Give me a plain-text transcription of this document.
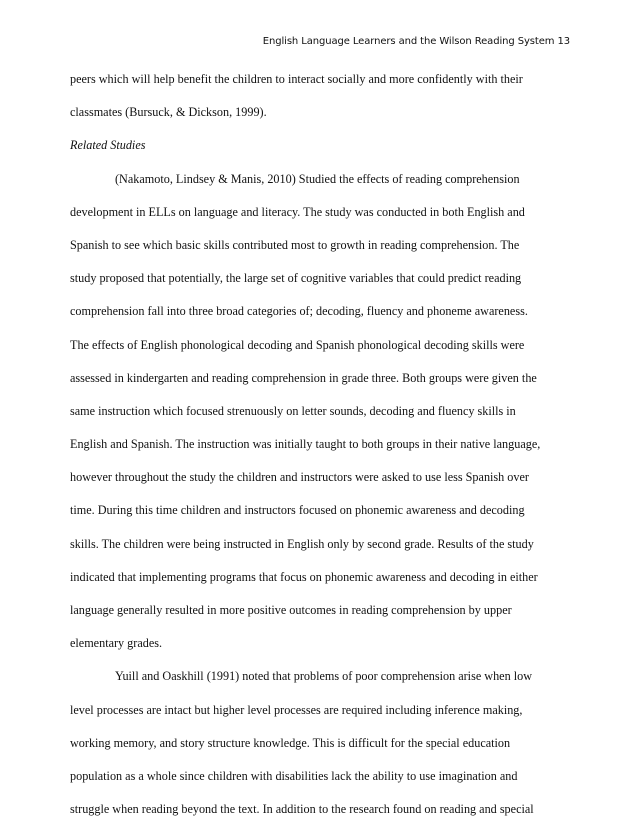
English Language Learners and the Wilson Reading System 13

peers which will help benefit the children to interact socially and more confidently with their

classmates (Bursuck, & Dickson, 1999).

Related Studies

(Nakamoto, Lindsey & Manis, 2010) Studied the effects of reading comprehension

development in ELLs on language and literacy. The study was conducted in both English and

Spanish to see which basic skills contributed most to growth in reading comprehension. The

study proposed that potentially, the large set of cognitive variables that could predict reading

comprehension fall into three broad categories of; decoding, fluency and phoneme awareness.

The effects of English phonological decoding and Spanish phonological decoding skills were

assessed in kindergarten and reading comprehension in grade three. Both groups were given the

same instruction which focused strenuously on letter sounds, decoding and fluency skills in

English and Spanish. The instruction was initially taught to both groups in their native language,

however throughout the study the children and instructors were asked to use less Spanish over

time. During this time children and instructors focused on phonemic awareness and decoding

skills. The children were being instructed in English only by second grade. Results of the study

indicated that implementing programs that focus on phonemic awareness and decoding in either

language generally resulted in more positive outcomes in reading comprehension by upper

elementary grades.

Yuill and Oaskhill (1991) noted that problems of poor comprehension arise when low

level processes are intact but higher level processes are required including inference making,

working memory, and story structure knowledge. This is difficult for the special education

population as a whole since children with disabilities lack the ability to use imagination and

struggle when reading beyond the text. In addition to the research found on reading and special
